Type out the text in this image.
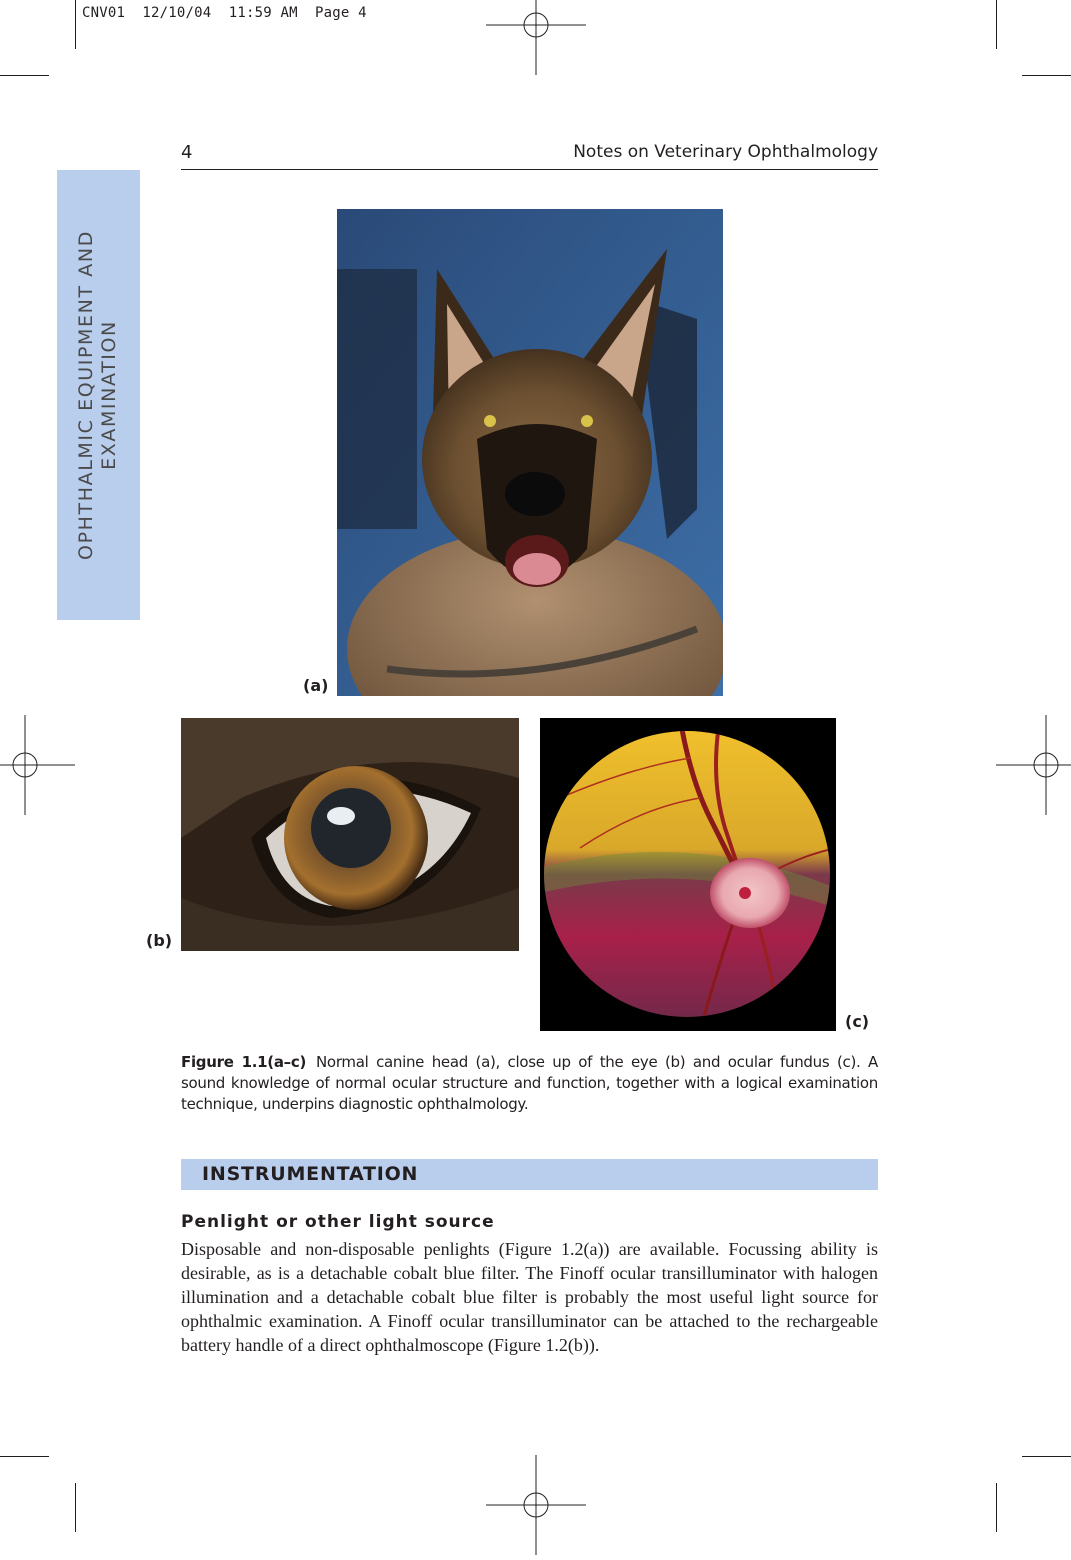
CNV01  12/10/04  11:59 AM  Page 4
4	Notes on Veterinary Ophthalmology
OPHTHALMIC EQUIPMENT AND EXAMINATION
(a)
(b)
(c)
Figure 1.1(a–c) Normal canine head (a), close up of the eye (b) and ocular fundus (c). A sound knowledge of normal ocular structure and function, together with a logical examination technique, underpins diagnostic ophthalmology.
INSTRUMENTATION
Penlight or other light source
Disposable and non-disposable penlights (Figure 1.2(a)) are available. Focussing ability is desirable, as is a detachable cobalt blue filter. The Finoff ocular transilluminator with halogen illumination and a detachable cobalt blue filter is probably the most useful light source for ophthalmic examination. A Finoff ocular transilluminator can be attached to the rechargeable battery handle of a direct ophthalmoscope (Figure 1.2(b)).
